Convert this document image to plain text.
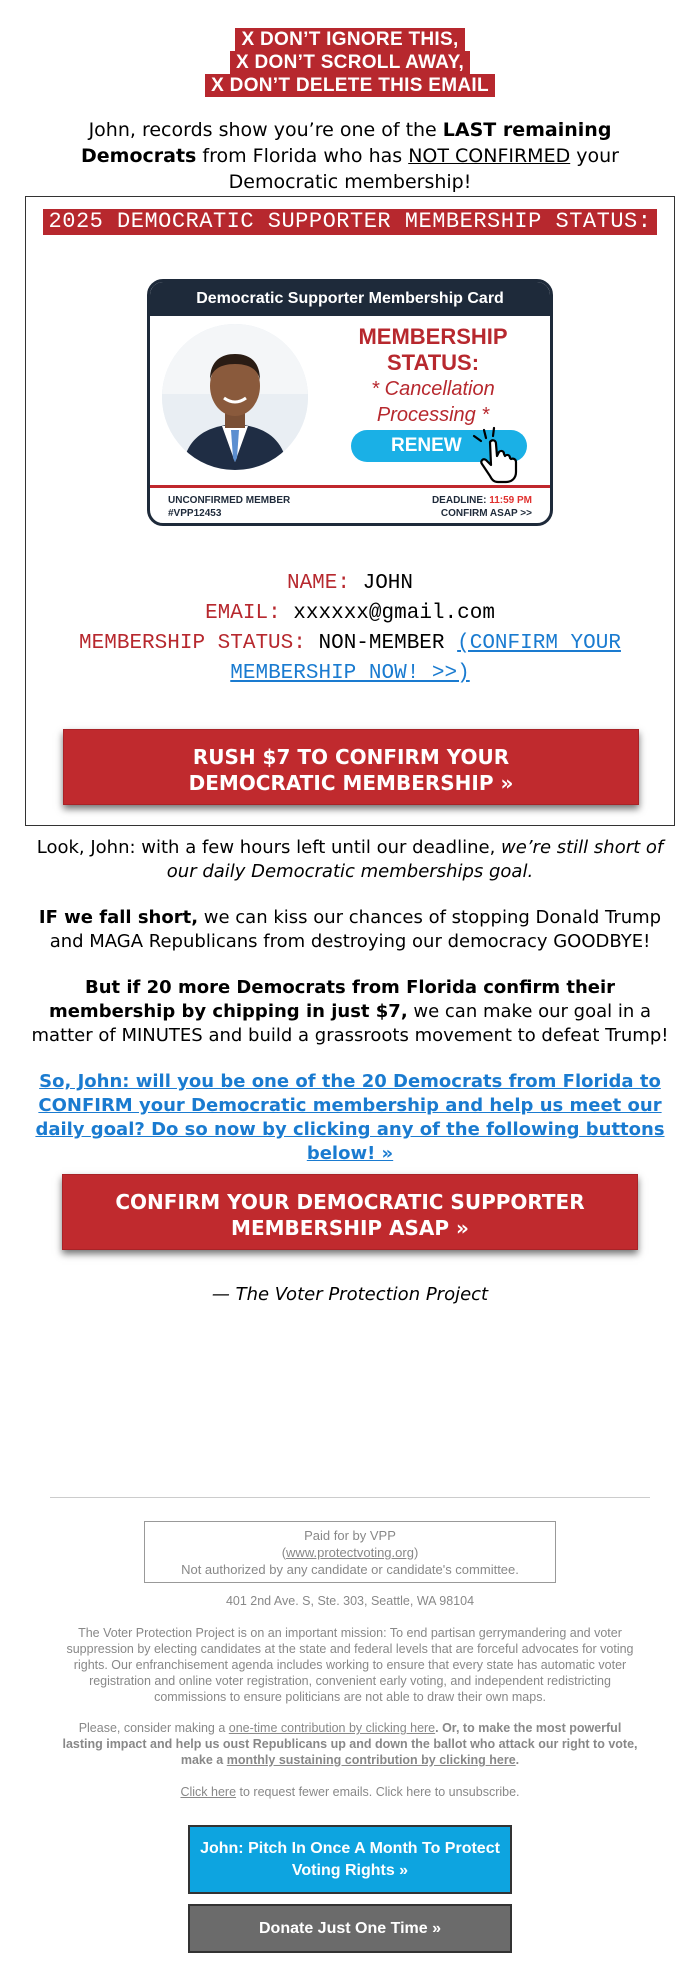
X DON’T IGNORE THIS,
X DON’T SCROLL AWAY,
X DON’T DELETE THIS EMAIL

John, records show you’re one of the LAST remaining Democrats from Florida who has NOT CONFIRMED your Democratic membership!

2025 DEMOCRATIC SUPPORTER MEMBERSHIP STATUS:
Democratic Supporter Membership Card
MEMBERSHIP
STATUS:
* Cancellation
Processing *
RENEW
UNCONFIRMED MEMBER
#VPP12453
DEADLINE: 11:59 PM
CONFIRM ASAP >>
NAME: JOHN
EMAIL: xxxxxx@gmail.com
MEMBERSHIP STATUS: NON-MEMBER (CONFIRM YOUR MEMBERSHIP NOW! >>)
RUSH $7 TO CONFIRM YOUR
DEMOCRATIC MEMBERSHIP »

Look, John: with a few hours left until our deadline, we’re still short of our daily Democratic memberships goal.

IF we fall short, we can kiss our chances of stopping Donald Trump and MAGA Republicans from destroying our democracy GOODBYE!

But if 20 more Democrats from Florida confirm their membership by chipping in just $7, we can make our goal in a matter of MINUTES and build a grassroots movement to defeat Trump!

So, John: will you be one of the 20 Democrats from Florida to CONFIRM your Democratic membership and help us meet our daily goal? Do so now by clicking any of the following buttons below! »

CONFIRM YOUR DEMOCRATIC SUPPORTER
MEMBERSHIP ASAP »

— The Voter Protection Project

Paid for by VPP
(www.protectvoting.org)
Not authorized by any candidate or candidate's committee.
401 2nd Ave. S, Ste. 303, Seattle, WA 98104
The Voter Protection Project is on an important mission: To end partisan gerrymandering and voter suppression by electing candidates at the state and federal levels that are forceful advocates for voting rights. Our enfranchisement agenda includes working to ensure that every state has automatic voter registration and online voter registration, convenient early voting, and independent redistricting commissions to ensure politicians are not able to draw their own maps.
Please, consider making a one-time contribution by clicking here. Or, to make the most powerful lasting impact and help us oust Republicans up and down the ballot who attack our right to vote, make a monthly sustaining contribution by clicking here.
Click here to request fewer emails. Click here to unsubscribe.
John: Pitch In Once A Month To Protect
Voting Rights »
Donate Just One Time »
